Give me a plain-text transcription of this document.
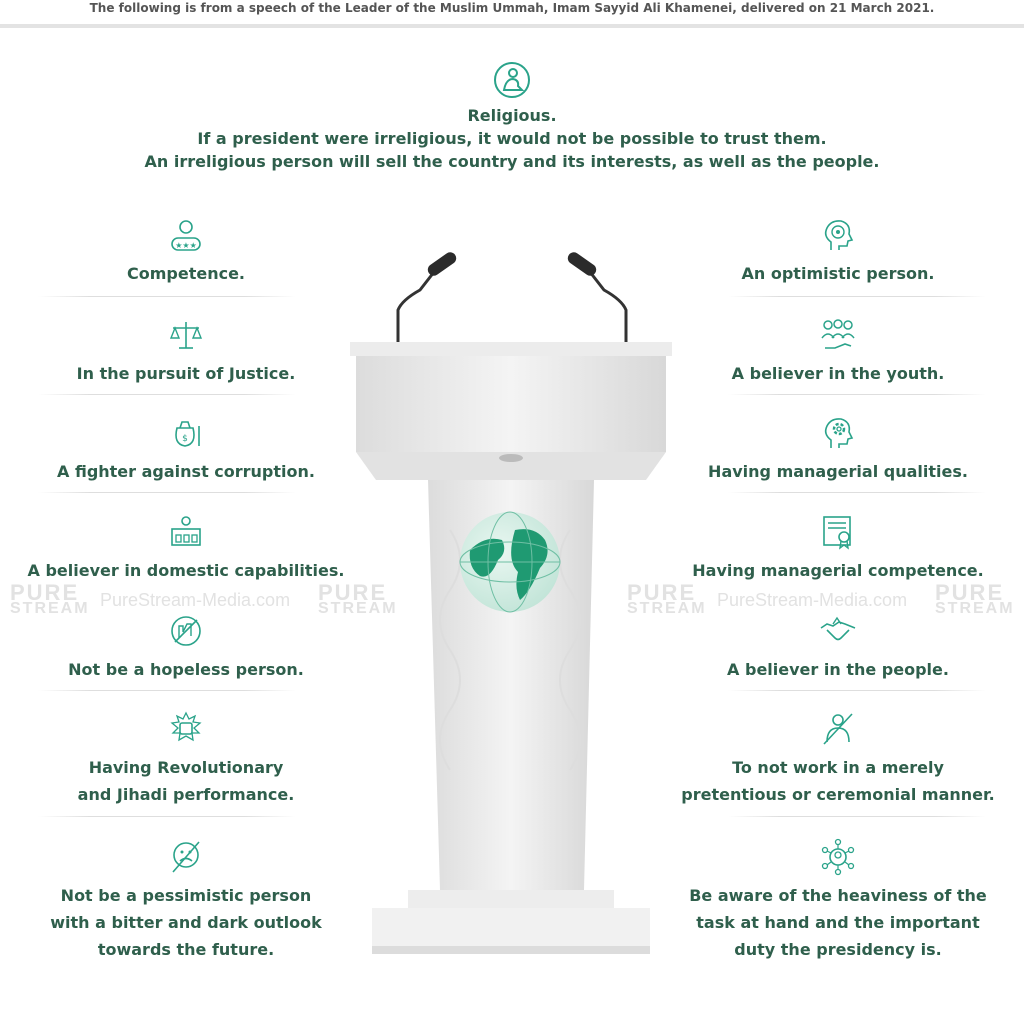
The following is from a speech of the Leader of the Muslim Ummah, Imam Sayyid Ali Khamenei, delivered on 21 March 2021.
Religious.
If a president were irreligious, it would not be possible to trust them.
An irreligious person will sell the country and its interests, as well as the people.
PURE
STREAM PureStream-Media.com PURE
STREAM
PURE
STREAM PureStream-Media.com PURE
STREAM
★★★
Competence.
In the pursuit of Justice.
$
A fighter against corruption.
A believer in domestic capabilities.
Not be a hopeless person.
Having Revolutionary
and Jihadi performance.
Not be a pessimistic person
with a bitter and dark outlook
towards the future.
An optimistic person.
A believer in the youth.
Having managerial qualities.
Having managerial competence.
A believer in the people.
To not work in a merely
pretentious or ceremonial manner.
Be aware of the heaviness of the
task at hand and the important
duty the presidency is.
